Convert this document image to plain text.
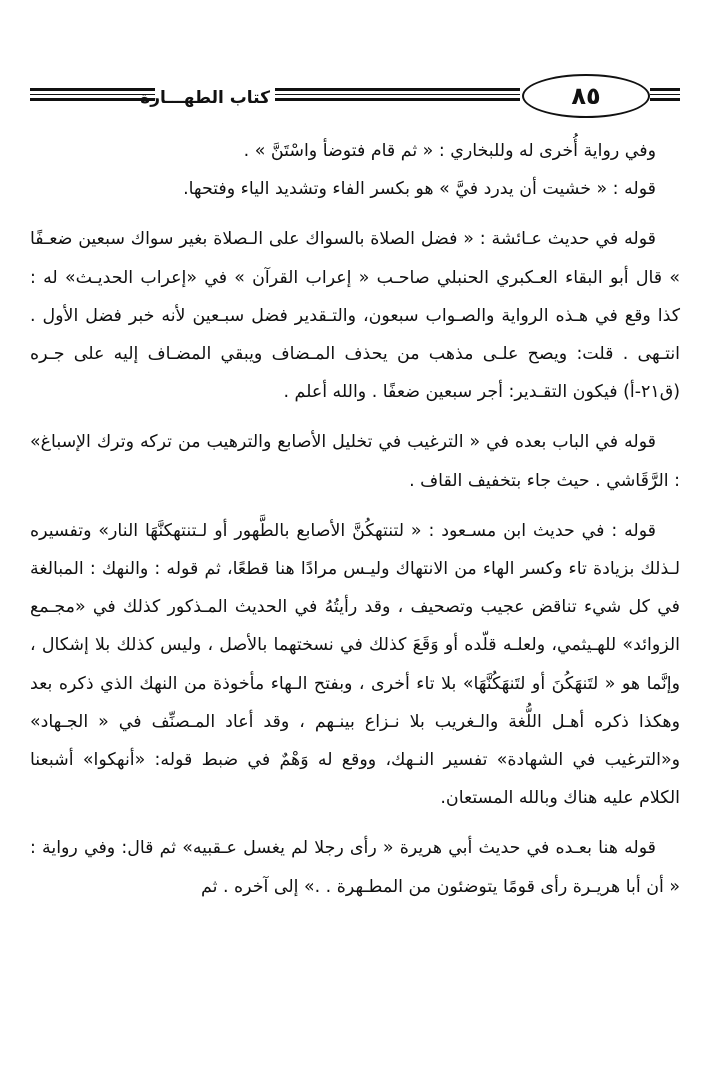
كتاب الطهـــارة	٨٥

وفي رواية أُخرى له وللبخاري : « ثم قام فتوضأ واسْتَنَّ » .

قوله : « خشيت أن يدرد فيَّ » هو بكسر الفاء وتشديد الياء وفتحها.

قوله في حديث عـائشة : « فضل الصلاة بالسواك على الـصلاة بغير سواك سبعين ضعـفًا » قال أبو البقاء العـكبري الحنبلي صاحـب « إعراب القرآن » في «إعراب الحديـث» له : كذا وقع في هـذه الرواية والصـواب سبعون، والتـقدير فضل سبـعين لأنه خبر فضل الأول . انتـهى . قلت: ويصح علـى مذهب من يحذف المـضاف ويبقي المضـاف إليه على جـره (ق٢١-أ) فيكون التقـدير: أجر سبعين ضعفًا . والله أعلم .

قوله في الباب بعده في « الترغيب في تخليل الأصابع والترهيب من تركه وترك الإسباغ» : الرَّقَاشي . حيث جاء بتخفيف القاف .

قوله : في حديث ابن مسـعود : « لتنتهكُنَّ الأصابع بالطَّهور أو لـتنتهكنَّهَا النار» وتفسيره لـذلك بزيادة تاء وكسر الهاء من الانتهاك وليـس مرادًا هنا قطعًا، ثم قوله : والنهك : المبالغة في كل شيء تناقض عجيب وتصحيف ، وقد رأيتُهُ في الحديث المـذكور كذلك في «مجـمع الزوائد» للهـيثمي، ولعلـه قلّده أو وَقَعَ كذلك في نسختهما بالأصل ، وليس كذلك بلا إشكال ، وإنَّما هو « لتَنهَكُنَ أو لتَنهَكُنَّهَا» بلا تاء أخرى ، وبفتح الـهاء مأخوذة من النهك الذي ذكره بعد وهكذا ذكره أهـل اللُّغة والـغريب بلا نـزاع بينـهم ، وقد أعاد المـصنِّف في « الجـهاد» و«الترغيب في الشهادة» تفسير النـهك، ووقع له وَهْمٌ في ضبط قوله: «أنهكوا» أشبعنا الكلام عليه هناك وبالله المستعان.

قوله هنا بعـده في حديث أبي هريرة « رأى رجلا لم يغسل عـقبيه» ثم قال: وفي رواية : « أن أبا هريـرة رأى قومًا يتوضئون من المطـهرة . .» إلى آخره . ثم
